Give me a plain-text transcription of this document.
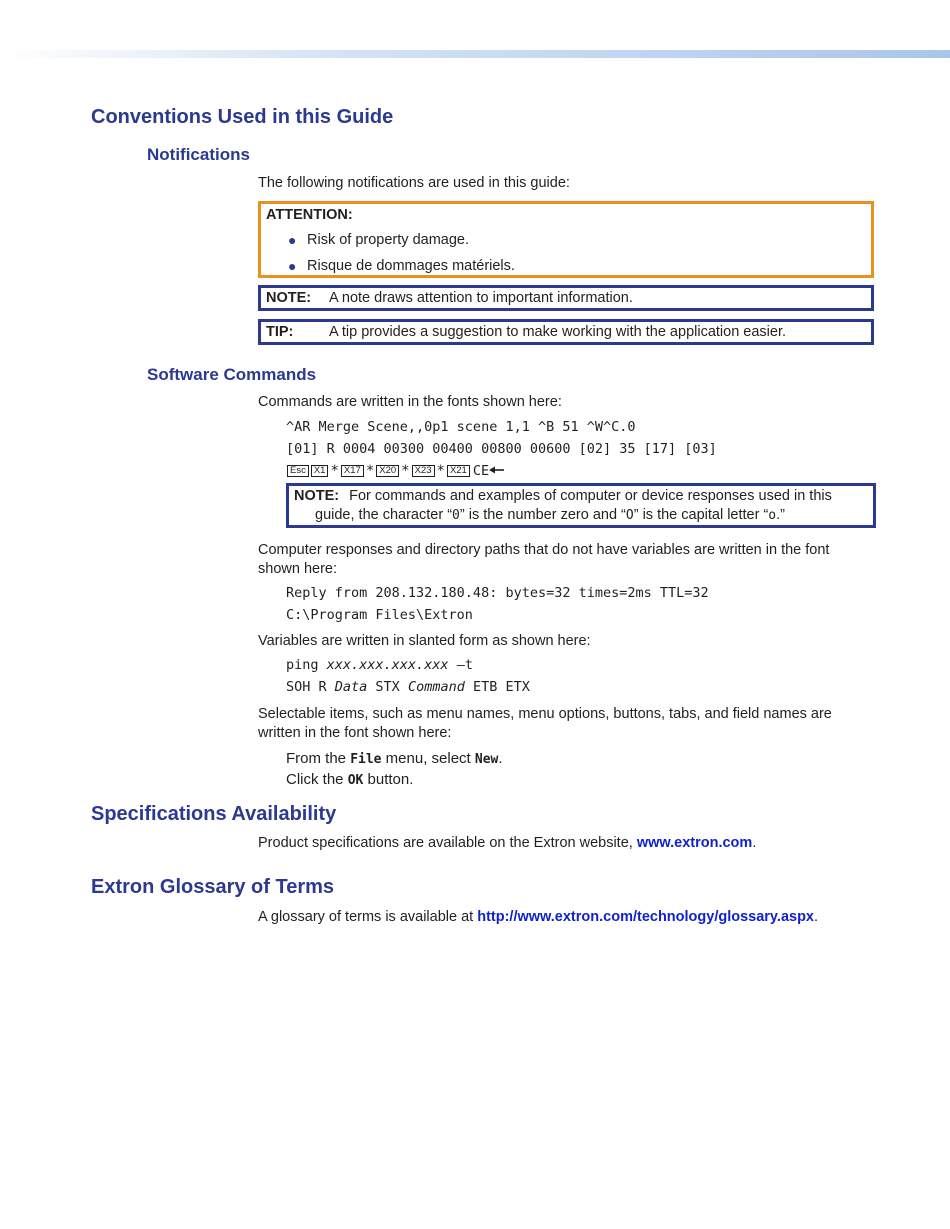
Conventions Used in this Guide
Notifications

The following notifications are used in this guide:

ATTENTION:
● Risk of property damage.
● Risque de dommages matériels.
NOTE:	A note draws attention to important information.
TIP:	A tip provides a suggestion to make working with the application easier.
Software Commands

Commands are written in the fonts shown here:

^AR Merge Scene,,0p1 scene 1,1 ^B 51 ^W^C.0

[01] R 0004 00300 00400 00800 00600 [02] 35 [17] [03]

Esc X1 * X17 * X20 * X23 * X21 CE
NOTE: For commands and examples of computer or device responses used in this
guide, the character “0” is the number zero and “O” is the capital letter “o.”

Computer responses and directory paths that do not have variables are written in the font shown here:

Reply from 208.132.180.48: bytes=32 times=2ms TTL=32

C:\Program Files\Extron

Variables are written in slanted form as shown here:

ping xxx.xxx.xxx.xxx —t

SOH R Data STX Command ETB ETX

Selectable items, such as menu names, menu options, buttons, tabs, and field names are written in the font shown here:

From the File menu, select New.

Click the OK button.

Specifications Availability

Product specifications are available on the Extron website, www.extron.com.

Extron Glossary of Terms

A glossary of terms is available at http://www.extron.com/technology/glossary.aspx.
